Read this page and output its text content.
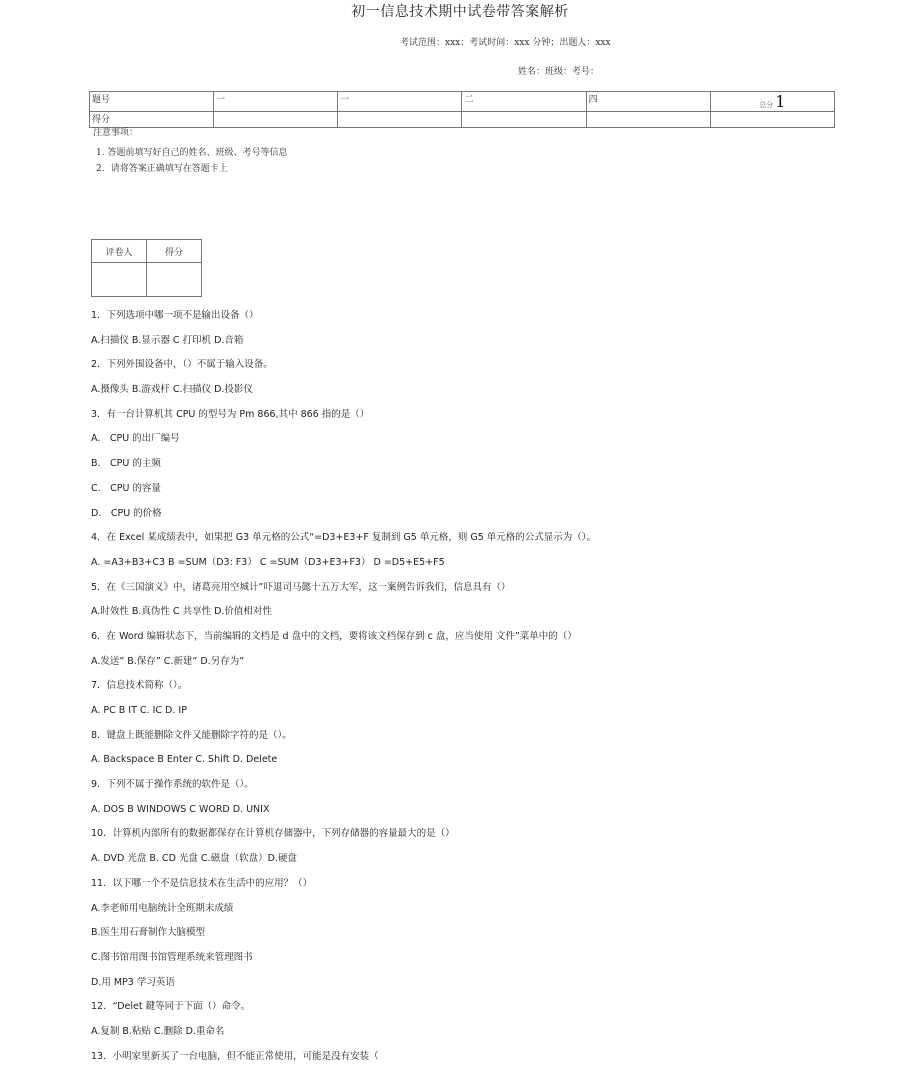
初一信息技术期中试卷带答案解析
考试范围：xxx；考试时间：xxx 分钟；出题人：xxx
姓名：班级：考号：
题号	一	一	二	四	总分 1
得分					
注意事项：
1. 答题前填写好自己的姓名、班级、考号等信息
2．请将答案正确填写在答题卡上
评卷人	得分

1．下列选项中哪一项不是输出设备（）
A.扫描仪 B.显示器 C 打印机 D.音箱
2．下列外围设备中，（）不属于输入设备。
A.摄像头 B.游戏杆 C.扫描仪 D.投影仪
3．有一台计算机其 CPU 的型号为 Pm 866,其中 866 指的是（）
A.　CPU 的出厂编号
B.　CPU 的主频
C.　CPU 的容量
D.　CPU 的价格
4．在 Excel 某成绩表中，如果把 G3 单元格的公式“=D3+E3+F 复制到 G5 单元格，则 G5 单元格的公式显示为（）。
A. =A3+B3+C3 B =SUM（D3: F3） C =SUM（D3+E3+F3） D =D5+E5+F5
5．在《三国演义》中，诸葛亮用空城计”吓退司马懿十五万大军，这一案例告诉我们，信息具有（）
A.时效性 B.真伪性 C 共享性 D.价值相对性
6．在 Word 编辑状态下，当前编辑的文档是 d 盘中的文档，要将该文档保存到 c 盘，应当使用 文件”菜单中的（）
A.发送” B.保存” C.新建” D.另存为”
7．信息技术简称（）。
A. PC B IT C. IC D. IP
8．键盘上既能删除文件又能删除字符的是（）。
A. Backspace B Enter C. Shift D. Delete
9．下列不属于操作系统的软件是（）。
A. DOS B WINDOWS C WORD D. UNIX
10．计算机内部所有的数据都保存在计算机存储器中，下列存储器的容量最大的是（）
A. DVD 光盘 B. CD 光盘 C.磁盘（软盘）D.硬盘
11．以下哪一个不是信息技术在生活中的应用？（）
A.李老师用电脑统计全班期末成绩
B.医生用石膏制作大脑模型
C.图书馆用图书馆管理系统来管理图书
D.用 MP3 学习英语
12．“Delet 鍵等同于下面（）命令。
A.复制 B.粘贴 C.删除 D.重命名
13．小明家里新买了一台电脑，但不能正常使用，可能是没有安装（
